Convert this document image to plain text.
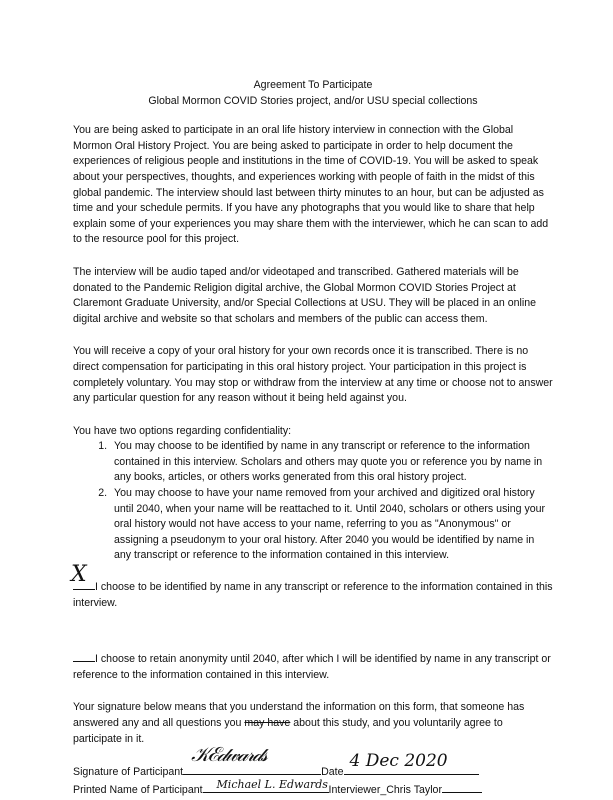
Agreement To Participate
Global Mormon COVID Stories project, and/or USU special collections

You are being asked to participate in an oral life history interview in connection with the Global Mormon Oral History Project. You are being asked to participate in order to help document the experiences of religious people and institutions in the time of COVID-19. You will be asked to speak about your perspectives, thoughts, and experiences working with people of faith in the midst of this global pandemic. The interview should last between thirty minutes to an hour, but can be adjusted as time and your schedule permits. If you have any photographs that you would like to share that help explain some of your experiences you may share them with the interviewer, which he can scan to add to the resource pool for this project.

The interview will be audio taped and/or videotaped and transcribed. Gathered materials will be donated to the Pandemic Religion digital archive, the Global Mormon COVID Stories Project at Claremont Graduate University, and/or Special Collections at USU. They will be placed in an online digital archive and website so that scholars and members of the public can access them.

You will receive a copy of your oral history for your own records once it is transcribed. There is no direct compensation for participating in this oral history project. Your participation in this project is completely voluntary. You may stop or withdraw from the interview at any time or choose not to answer any particular question for any reason without it being held against you.

You have two options regarding confidentiality:
1. You may choose to be identified by name in any transcript or reference to the information contained in this interview. Scholars and others may quote you or reference you by name in any books, articles, or others works generated from this oral history project.
2. You may choose to have your name removed from your archived and digitized oral history until 2040, when your name will be reattached to it. Until 2040, scholars or others using your oral history would not have access to your name, referring to you as "Anonymous" or assigning a pseudonym to your oral history. After 2040 you would be identified by name in any transcript or reference to the information contained in this interview.

X I choose to be identified by name in any transcript or reference to the information contained in this interview.

I choose to retain anonymity until 2040, after which I will be identified by name in any transcript or reference to the information contained in this interview.

Your signature below means that you understand the information on this form, that someone has answered any and all questions you may have about this study, and you voluntarily agree to participate in it.

Signature of Participant
𝒦ℰ𝒹𝓌𝒶𝓇𝒹𝓈
Date
4 Dec 2020
Printed Name of Participant Michael L. Edwards Interviewer_Chris Taylor
